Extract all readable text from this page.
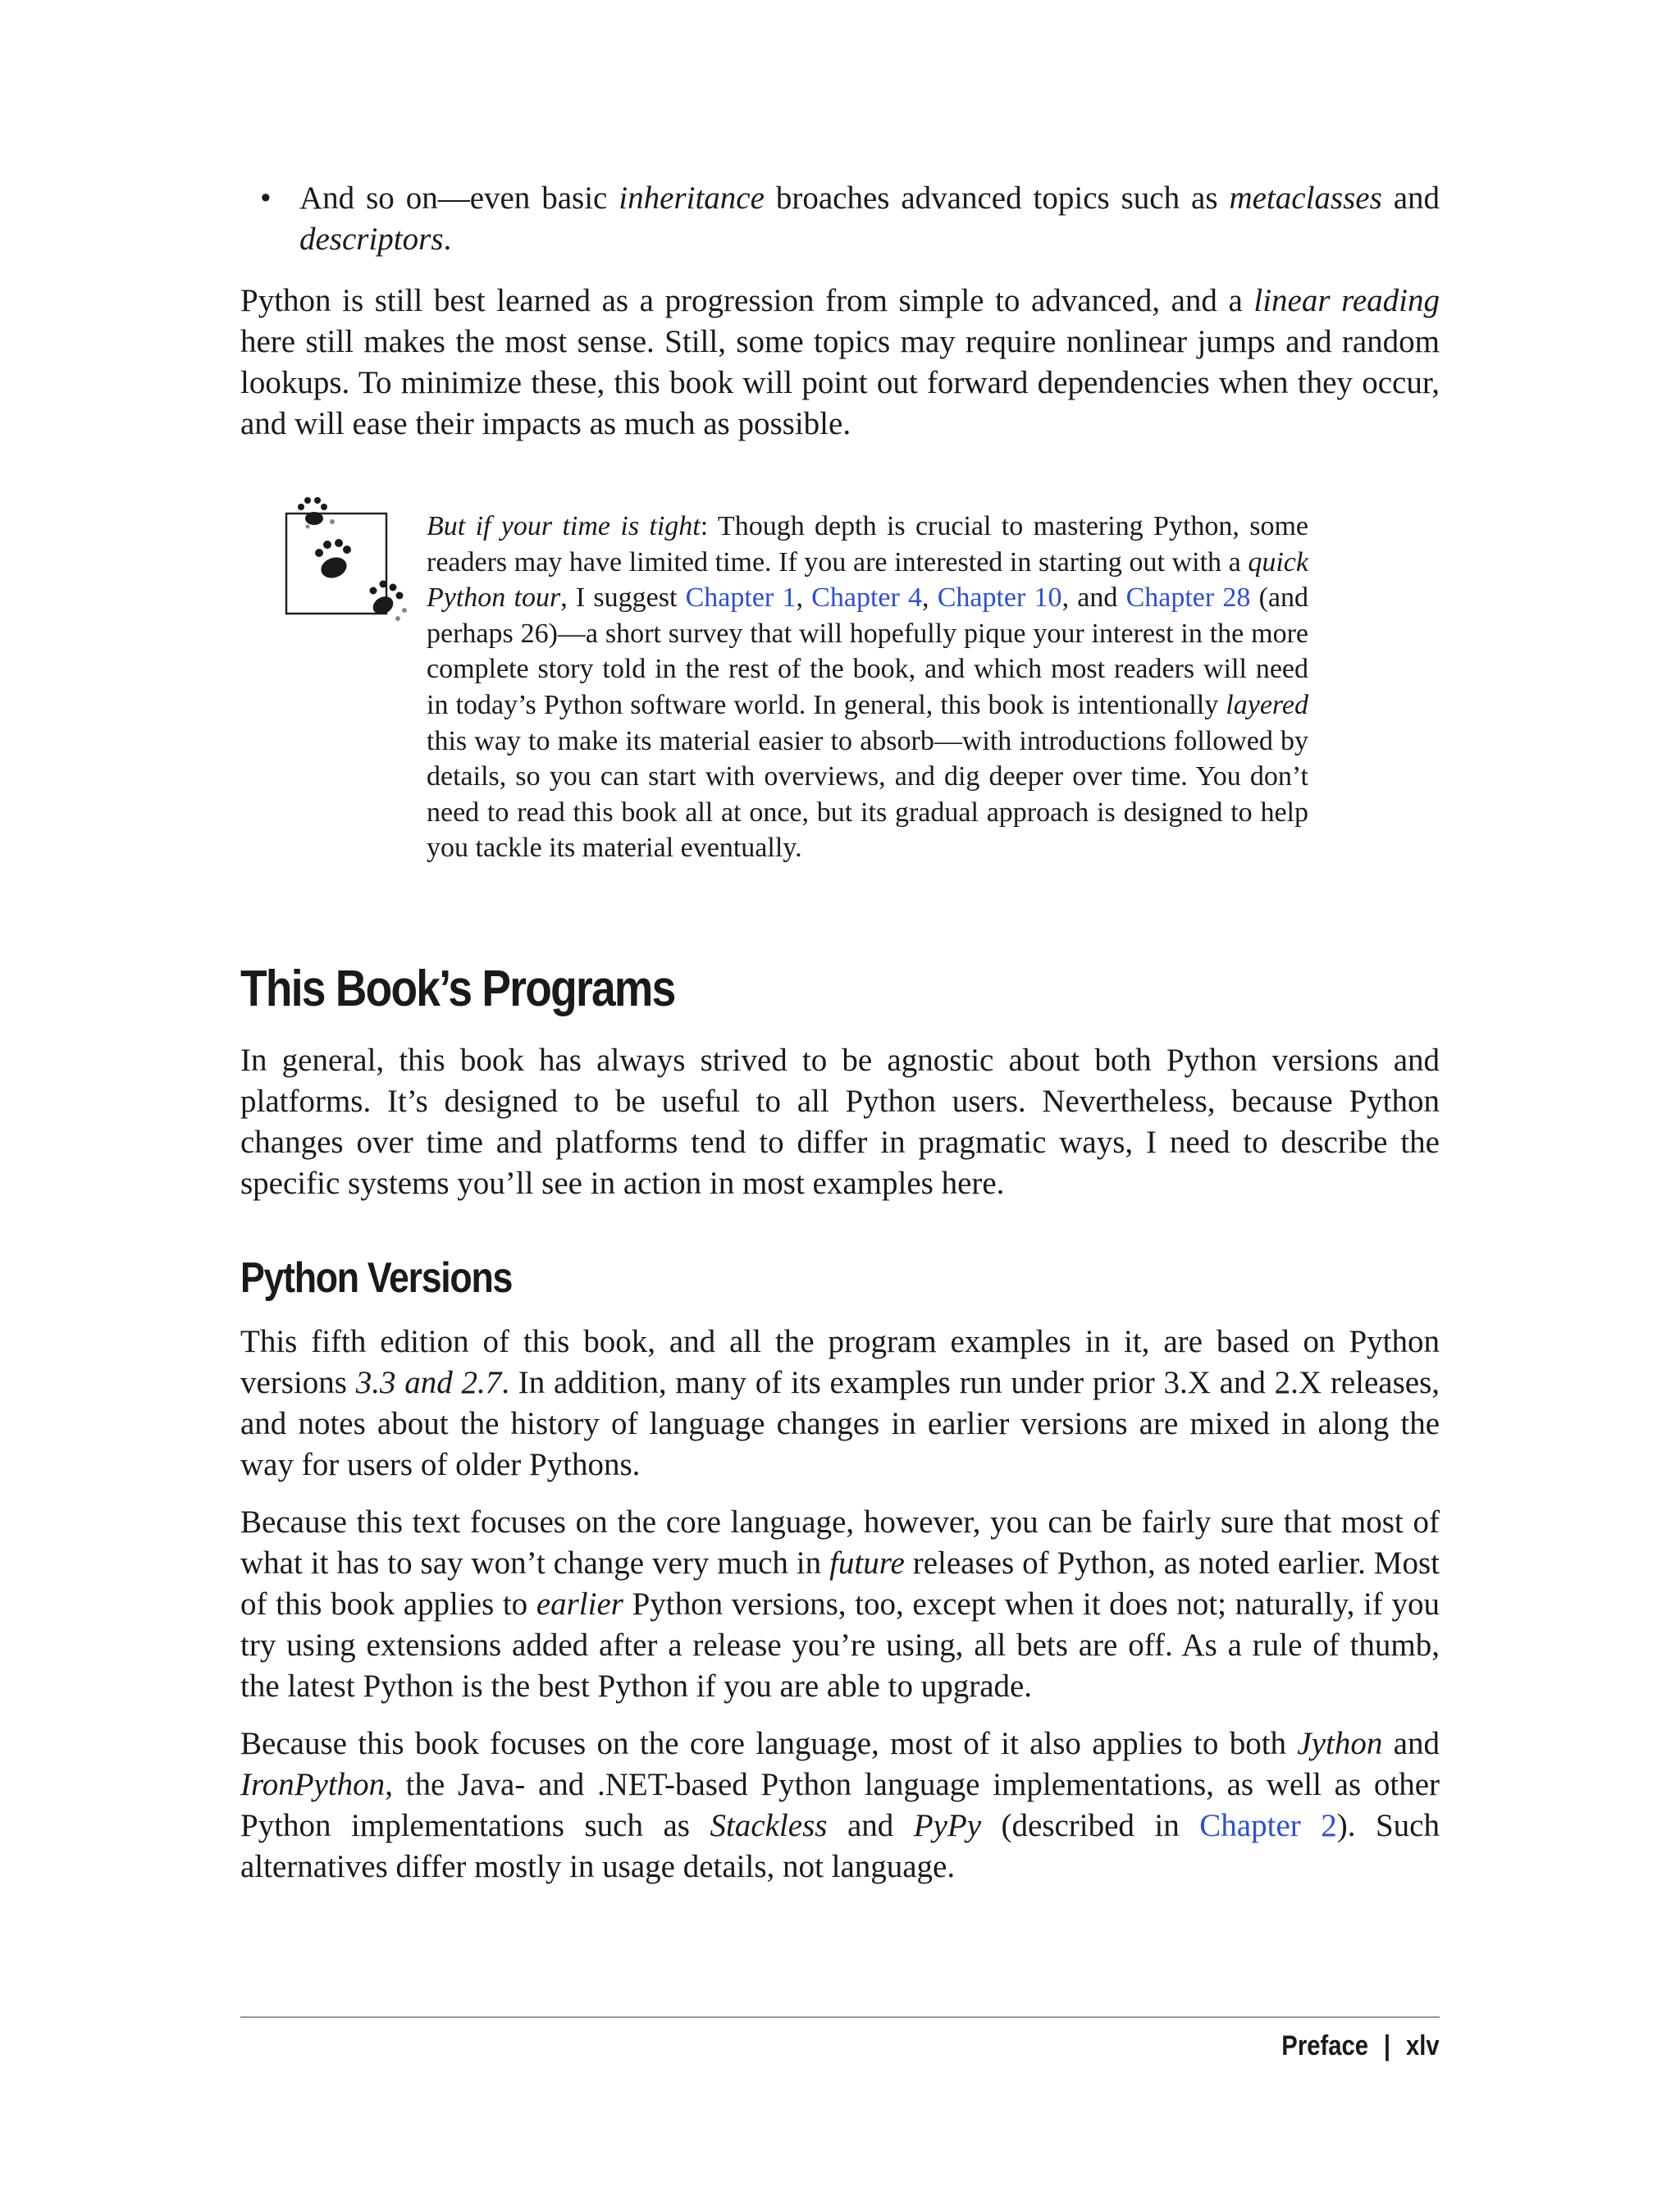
• And so on—even basic inheritance broaches advanced topics such as metaclasses and descriptors.

Python is still best learned as a progression from simple to advanced, and a linear reading here still makes the most sense. Still, some topics may require nonlinear jumps and random lookups. To minimize these, this book will point out forward dependencies when they occur, and will ease their impacts as much as possible.

But if your time is tight: Though depth is crucial to mastering Python, some readers may have limited time. If you are interested in starting out with a quick Python tour, I suggest Chapter 1, Chapter 4, Chapter 10, and Chapter 28 (and perhaps 26)—a short survey that will hopefully pique your interest in the more complete story told in the rest of the book, and which most readers will need in today’s Python software world. In general, this book is intentionally layered this way to make its material easier to absorb—with introductions followed by details, so you can start with overviews, and dig deeper over time. You don’t need to read this book all at once, but its gradual approach is designed to help you tackle its material eventually.

This Book’s Programs

In general, this book has always strived to be agnostic about both Python versions and platforms. It’s designed to be useful to all Python users. Nevertheless, because Python changes over time and platforms tend to differ in pragmatic ways, I need to describe the specific systems you’ll see in action in most examples here.

Python Versions

This fifth edition of this book, and all the program examples in it, are based on Python versions 3.3 and 2.7. In addition, many of its examples run under prior 3.X and 2.X releases, and notes about the history of language changes in earlier versions are mixed in along the way for users of older Pythons.

Because this text focuses on the core language, however, you can be fairly sure that most of what it has to say won’t change very much in future releases of Python, as noted earlier. Most of this book applies to earlier Python versions, too, except when it does not; naturally, if you try using extensions added after a release you’re using, all bets are off. As a rule of thumb, the latest Python is the best Python if you are able to upgrade.

Because this book focuses on the core language, most of it also applies to both Jython and IronPython, the Java- and .NET-based Python language implementations, as well as other Python implementations such as Stackless and PyPy (described in Chapter 2). Such alternatives differ mostly in usage details, not language.

Preface | xlv
